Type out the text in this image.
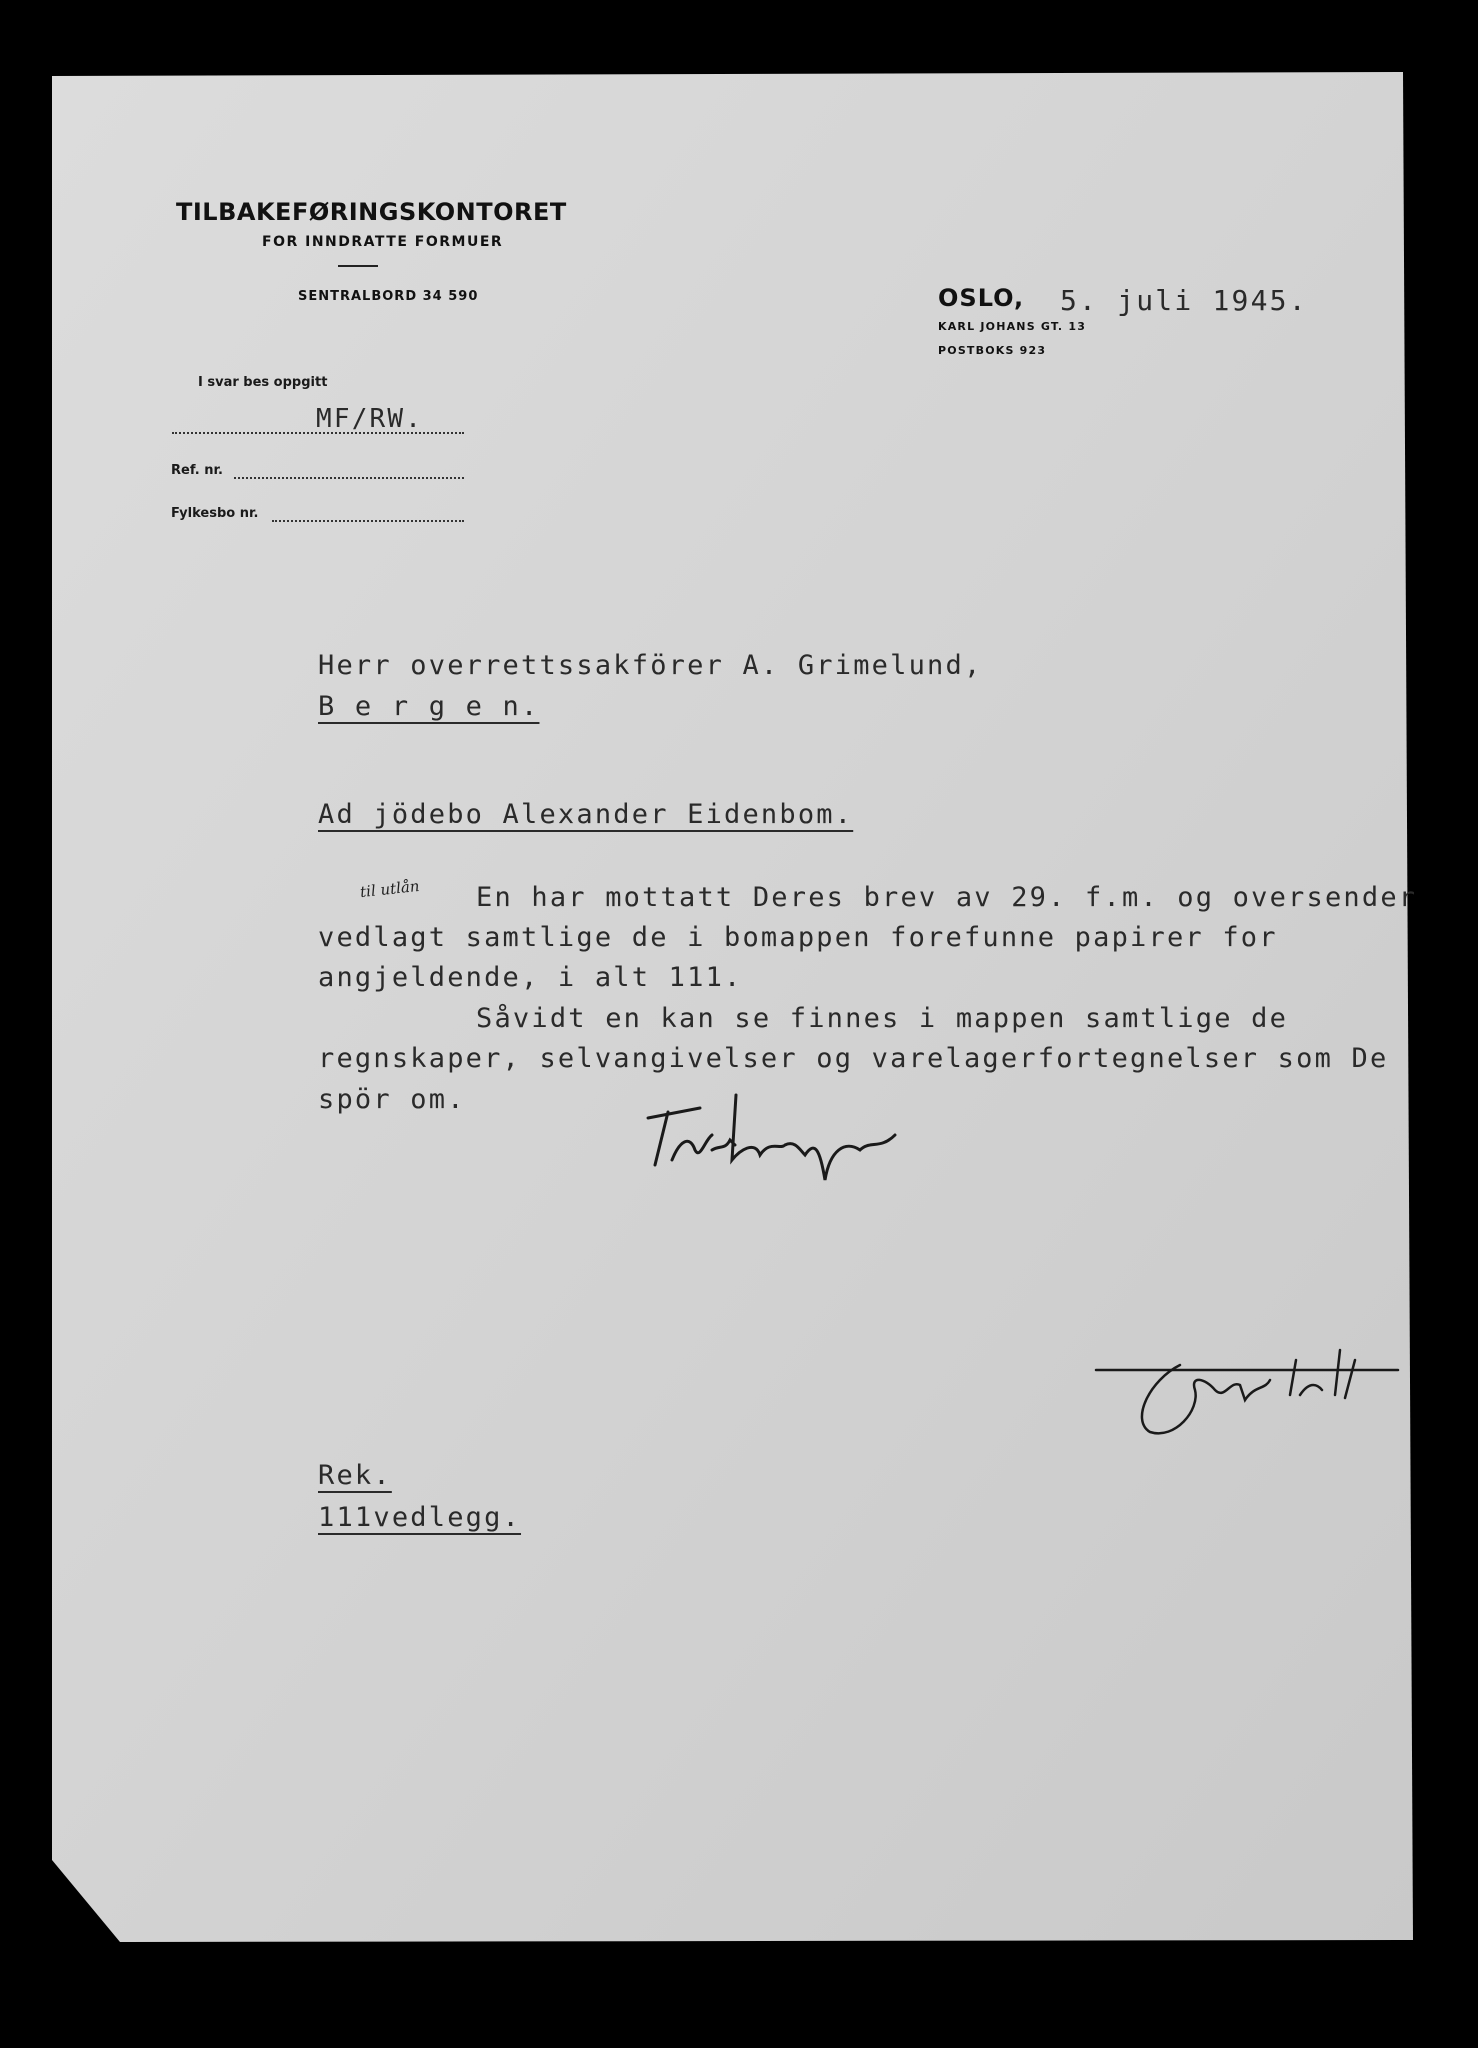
TILBAKEFØRINGSKONTORET
FOR INNDRATTE FORMUER
SENTRALBORD 34 590	OSLO, 5. juli 1945.
KARL JOHANS GT. 13
POSTBOKS 923
I svar bes oppgitt
MF/RW.
Ref. nr.
Fylkesbo nr.
Herr overrettssakförer A. Grimelund,
B e r g e n.
Ad jödebo Alexander Eidenbom.
til utlån En har mottatt Deres brev av 29. f.m. og oversender
vedlagt samtlige de i bomappen forefunne papirer for
angjeldende, i alt 111.
Såvidt en kan se finnes i mappen samtlige de
regnskaper, selvangivelser og varelagerfortegnelser som De
spör om.
Rek.
111vedlegg.
